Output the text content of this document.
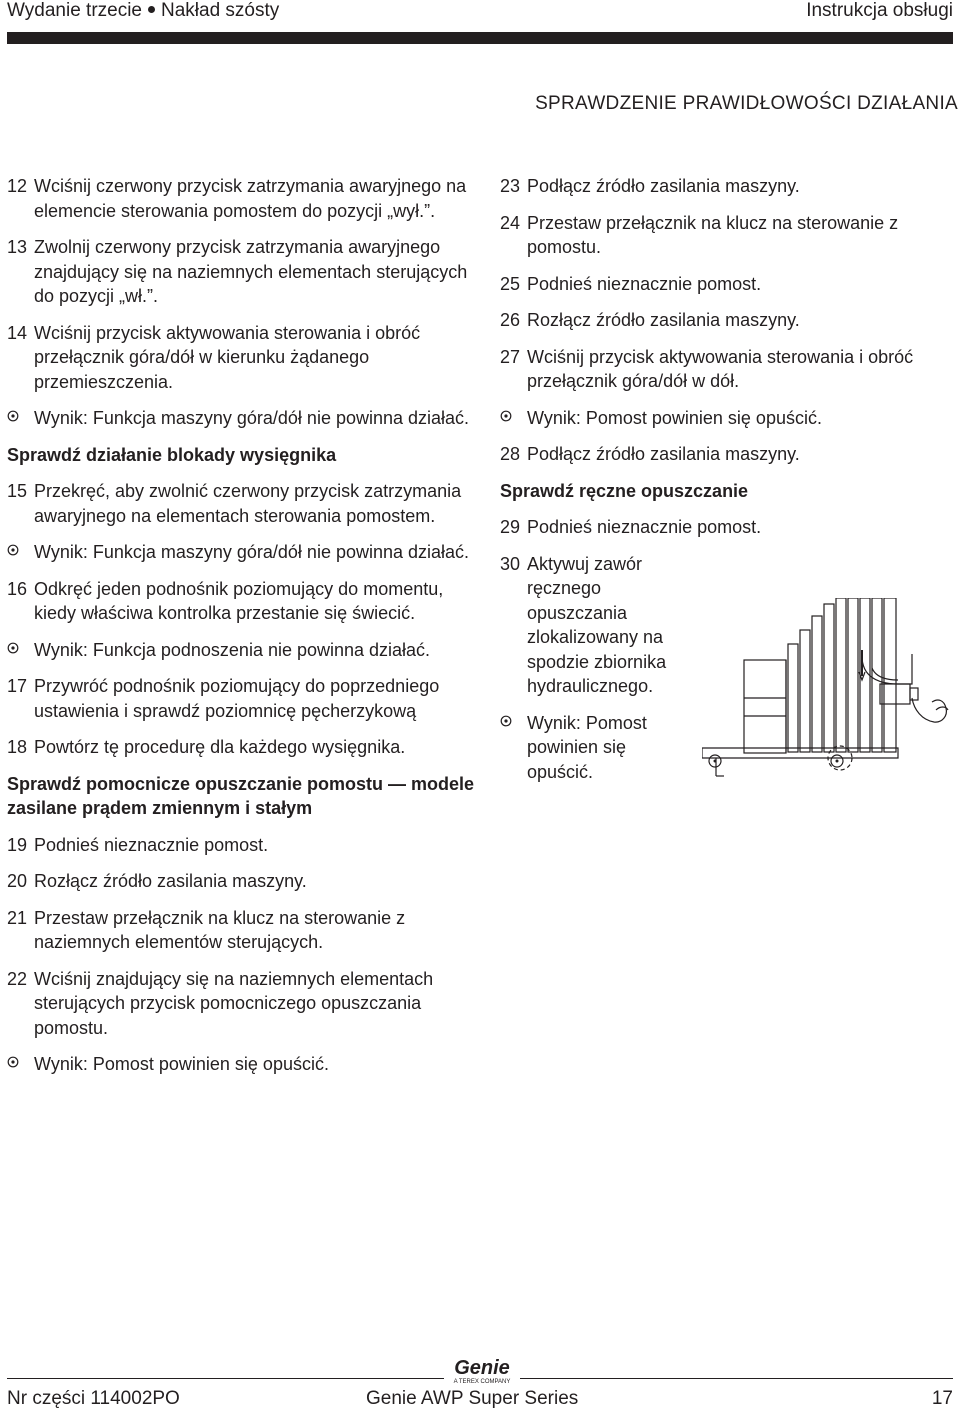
Wydanie trzecie Nakład szósty	Instrukcja obsługi
SPRAWDZENIE PRAWIDŁOWOŚCI DZIAŁANIA
12 Wciśnij czerwony przycisk zatrzymania awaryjnego na elemencie sterowania pomostem do pozycji „wył.”.
13 Zwolnij czerwony przycisk zatrzymania awaryjnego znajdujący się na naziemnych elementach sterujących do pozycji „wł.”.
14 Wciśnij przycisk aktywowania sterowania i obróć przełącznik góra/dół w kierunku żądanego przemieszczenia.
Wynik: Funkcja maszyny góra/dół nie powinna działać.
Sprawdź działanie blokady wysięgnika
15 Przekręć, aby zwolnić czerwony przycisk zatrzymania awaryjnego na elementach sterowania pomostem.
Wynik: Funkcja maszyny góra/dół nie powinna działać.
16 Odkręć jeden podnośnik poziomujący do momentu, kiedy właściwa kontrolka przestanie się świecić.
Wynik: Funkcja podnoszenia nie powinna działać.
17 Przywróć podnośnik poziomujący do poprzedniego ustawienia i sprawdź poziomnicę pęcherzykową
18 Powtórz tę procedurę dla każdego wysięgnika.
Sprawdź pomocnicze opuszczanie pomostu — modele zasilane prądem zmiennym i stałym
19 Podnieś nieznacznie pomost.
20 Rozłącz źródło zasilania maszyny.
21 Przestaw przełącznik na klucz na sterowanie z naziemnych elementów sterujących.
22 Wciśnij znajdujący się na naziemnych elementach sterujących przycisk pomocniczego opuszczania pomostu.
Wynik: Pomost powinien się opuścić.
23 Podłącz źródło zasilania maszyny.
24 Przestaw przełącznik na klucz na sterowanie z pomostu.
25 Podnieś nieznacznie pomost.
26 Rozłącz źródło zasilania maszyny.
27 Wciśnij przycisk aktywowania sterowania i obróć przełącznik góra/dół w dół.
Wynik: Pomost powinien się opuścić.
28 Podłącz źródło zasilania maszyny.
Sprawdź ręczne opuszczanie
29 Podnieś nieznacznie pomost.
30 Aktywuj zawór ręcznego opuszczania zlokalizowany na spodzie zbiornika hydraulicznego.
Wynik: Pomost powinien się opuścić.
Genie
A TEREX COMPANY
Nr części 114002PO	Genie AWP Super Series	17
